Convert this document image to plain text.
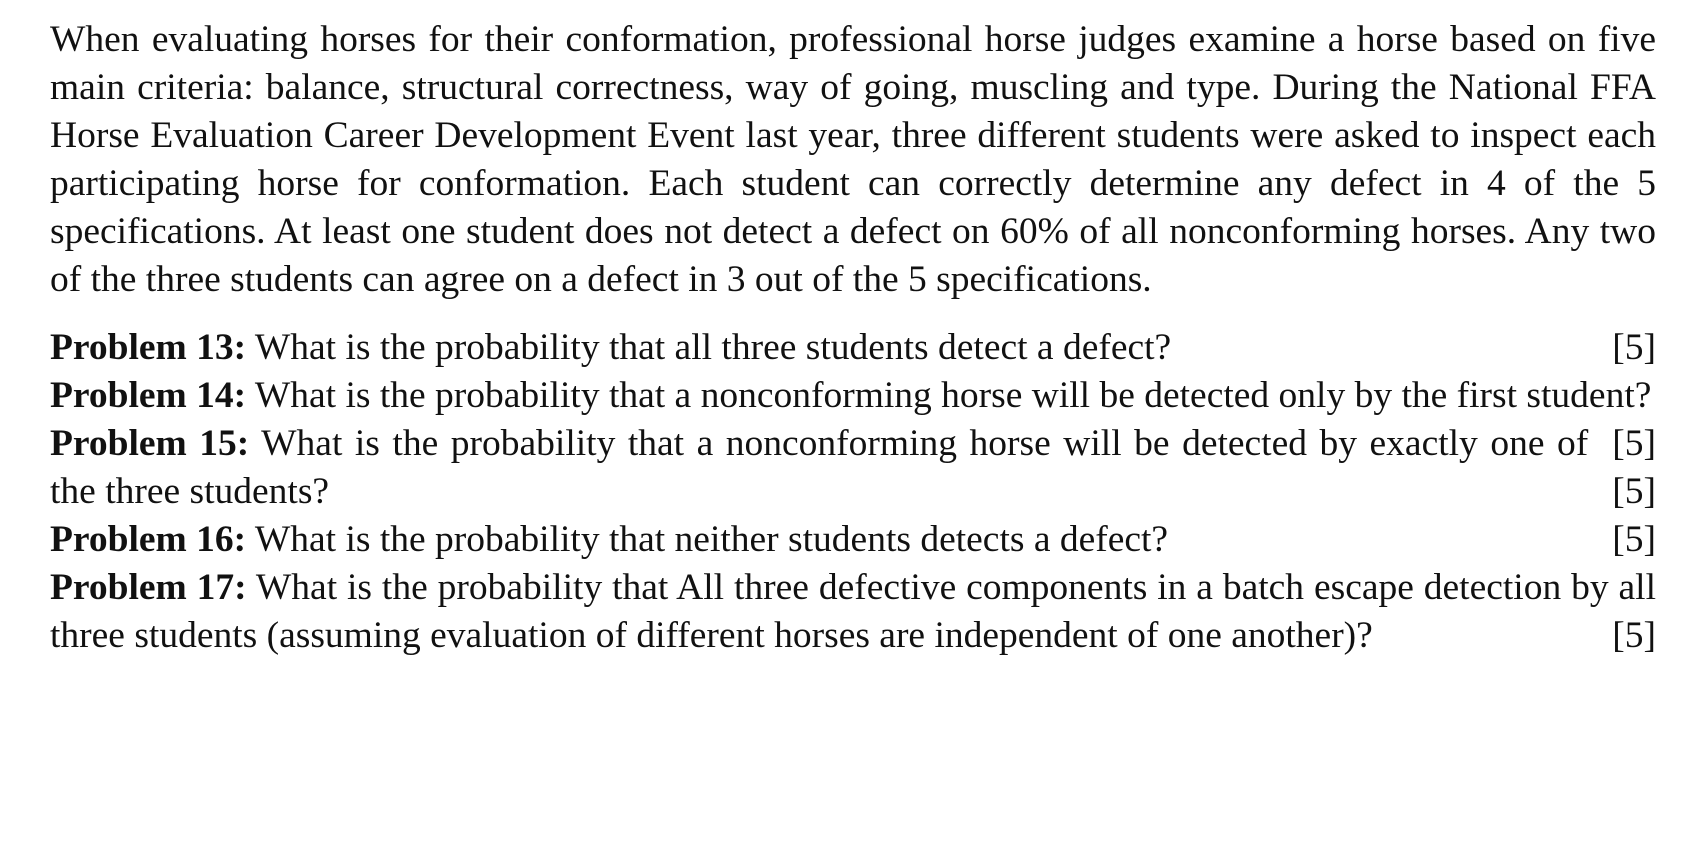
When evaluating horses for their conformation, professional horse judges examine a horse based on five main criteria: balance, structural correctness, way of going, muscling and type. During the National FFA Horse Evaluation Career Development Event last year, three different students were asked to inspect each participating horse for conformation. Each student can correctly determine any defect in 4 of the 5 specifications. At least one student does not detect a defect on 60% of all nonconforming horses. Any two of the three students can agree on a defect in 3 out of the 5 specifications.

Problem 13: What is the probability that all three students detect a defect?	[5]

Problem 14: What is the probability that a nonconforming horse will be detected only by the first student?
[5]

Problem 15: What is the probability that a nonconforming horse will be detected by exactly one of the three students?	[5]

Problem 16: What is the probability that neither students detects a defect?	[5]

Problem 17: What is the probability that All three defective components in a batch escape detection by all three students (assuming evaluation of different horses are independent of one another)?	[5]
